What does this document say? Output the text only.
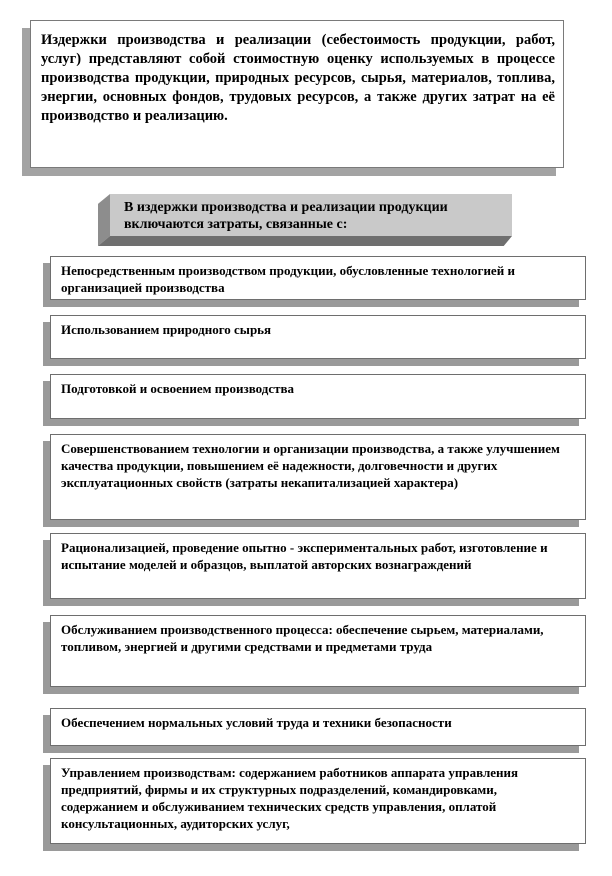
Издержки производства и реализации (себестоимость продукции, работ, услуг) представляют собой стоимостную оценку используемых в процессе производства продукции, природных ресурсов, сырья, материалов, топлива, энергии, основных фондов, трудовых ресурсов, а также других затрат на её производство и реализацию.
В издержки производства и реализации продукции
включаются затраты, связанные с:
Непосредственным производством продукции, обусловленные технологией и организацией производства
Использованием природного сырья
Подготовкой и освоением производства
Совершенствованием технологии и организации производства, а также улучшением качества продукции, повышением её надежности, долговечности и других эксплуатационных свойств (затраты некапитализацией характера)
Рационализацией, проведение опытно - экспериментальных работ, изготовление и испытание моделей и образцов, выплатой авторских вознаграждений
Обслуживанием производственного процесса: обеспечение сырьем, материалами, топливом, энергией и другими средствами и предметами труда
Обеспечением нормальных условий труда и техники безопасности
Управлением производствам: содержанием работников аппарата управления предприятий, фирмы и их структурных подразделений, командировками, содержанием и обслуживанием технических средств управления, оплатой консультационных, аудиторских услуг,
